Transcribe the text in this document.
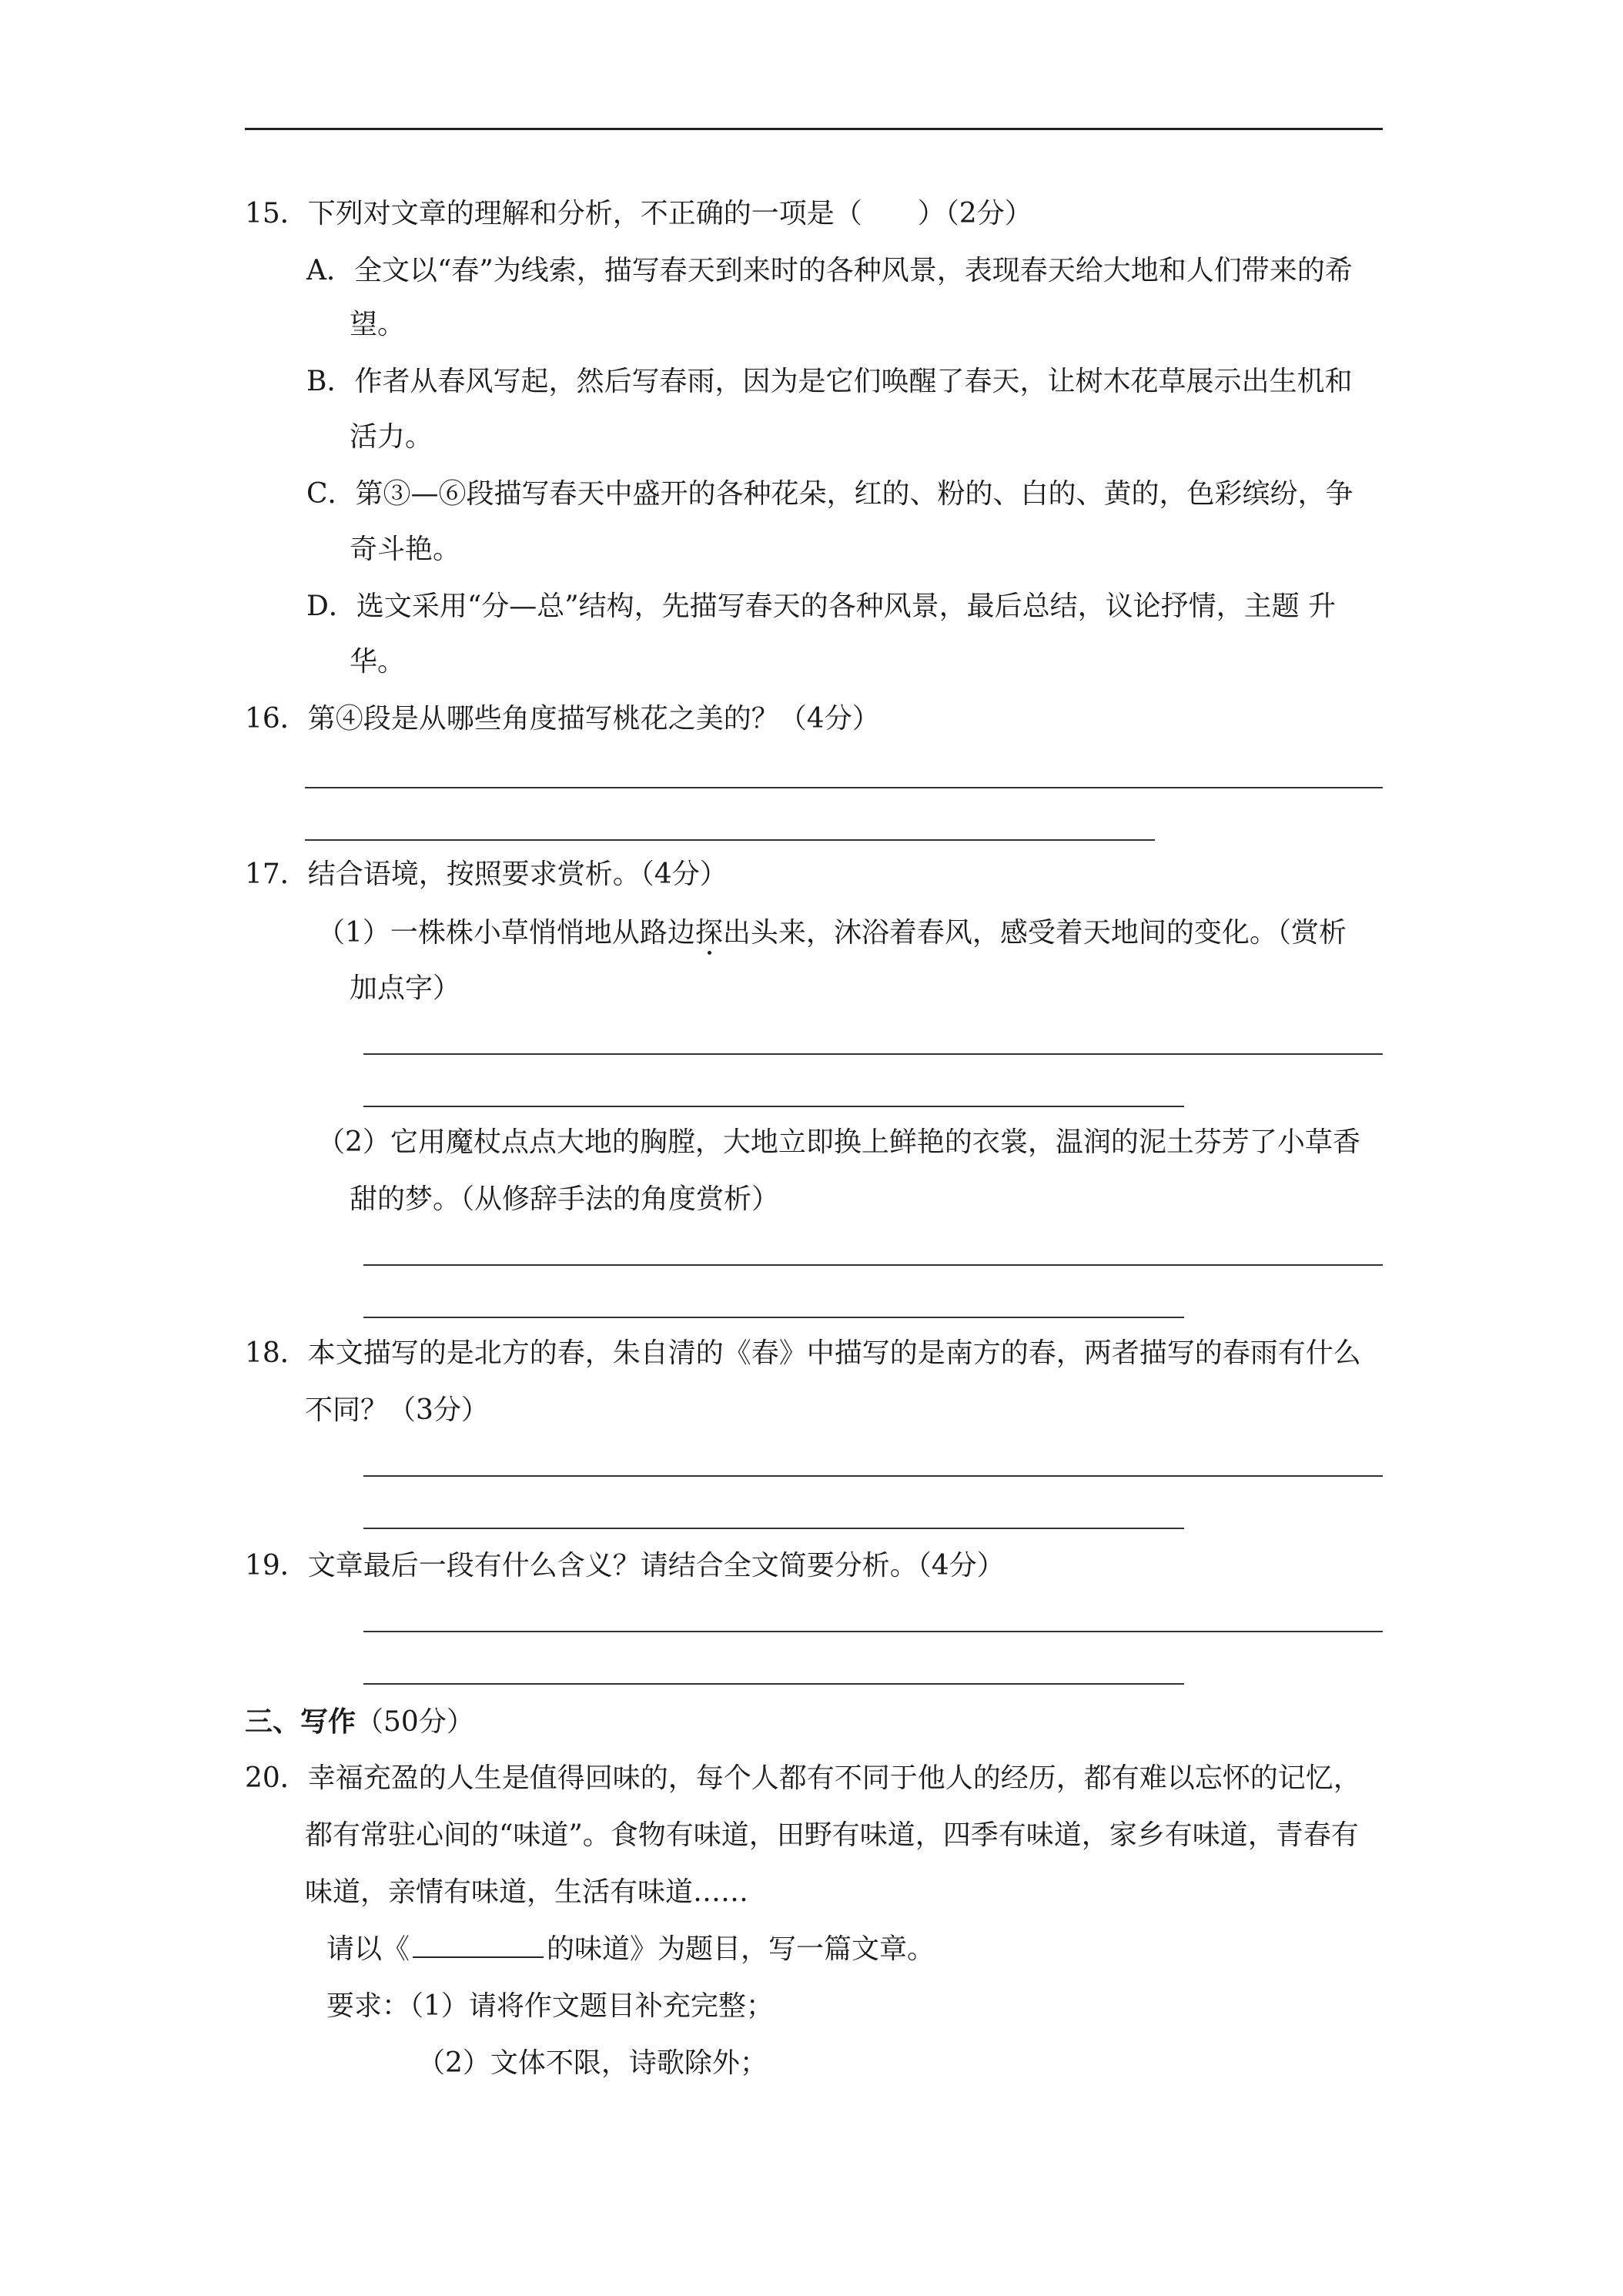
15．下列对文章的理解和分析，不正确的一项是（　　）（2分）

A．全文以“春”为线索，描写春天到来时的各种风景，表现春天给大地和人们带来的希

望。

B．作者从春风写起，然后写春雨，因为是它们唤醒了春天，让树木花草展示出生机和

活力。

C．第③—⑥段描写春天中盛开的各种花朵，红的、粉的、白的、黄的，色彩缤纷，争

奇斗艳。

D．选文采用“分—总”结构，先描写春天的各种风景，最后总结，议论抒情，主题 升

华。

16．第④段是从哪些角度描写桃花之美的？（4分）

17．结合语境，按照要求赏析。（4分）

（1）一株株小草悄悄地从路边探出头来，沐浴着春风，感受着天地间的变化。（赏析

加点字）

（2）它用魔杖点点大地的胸膛，大地立即换上鲜艳的衣裳，温润的泥土芬芳了小草香

甜的梦。（从修辞手法的角度赏析）

18．本文描写的是北方的春，朱自清的《春》中描写的是南方的春，两者描写的春雨有什么

不同？（3分）

19．文章最后一段有什么含义？请结合全文简要分析。（4分）

三、写作（50分）

20．幸福充盈的人生是值得回味的，每个人都有不同于他人的经历，都有难以忘怀的记忆，

都有常驻心间的“味道”。食物有味道，田野有味道，四季有味道，家乡有味道，青春有

味道，亲情有味道，生活有味道……

请以《	的味道》为题目，写一篇文章。

要求：（1）请将作文题目补充完整；

（2）文体不限，诗歌除外；
